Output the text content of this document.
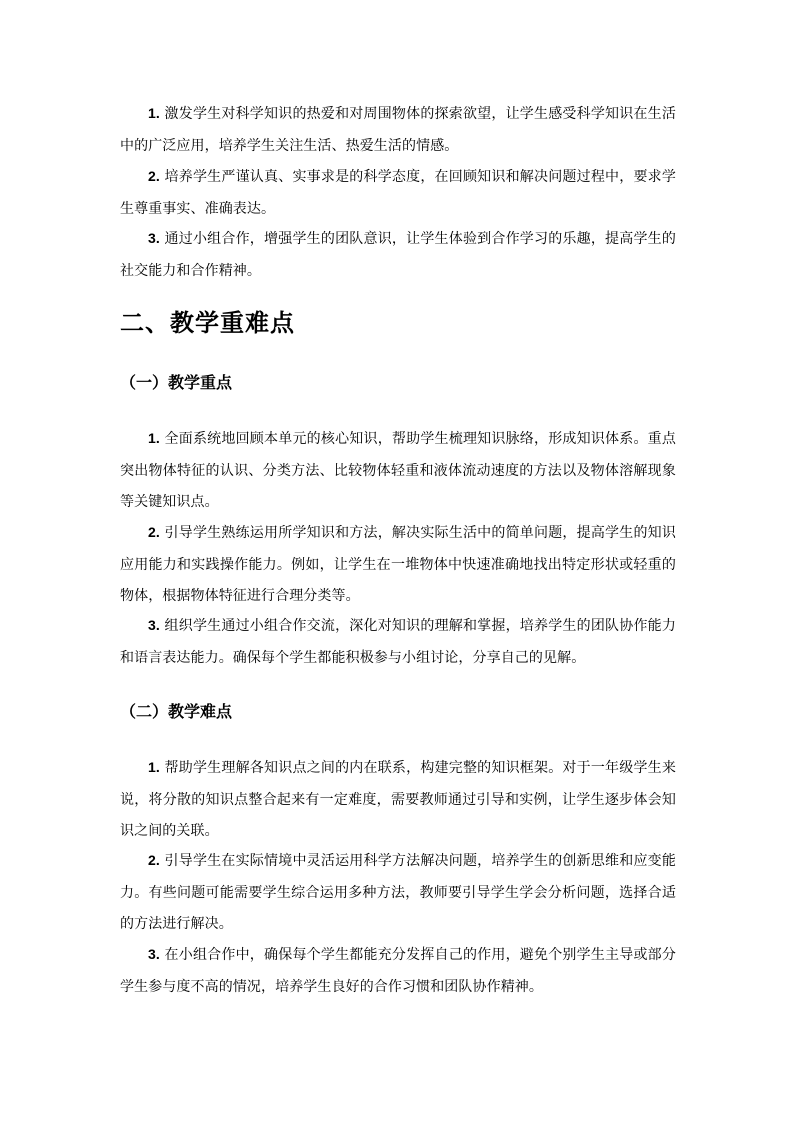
1. 激发学生对科学知识的热爱和对周围物体的探索欲望，让学生感受科学知识在生活中的广泛应用，培养学生关注生活、热爱生活的情感。

2. 培养学生严谨认真、实事求是的科学态度，在回顾知识和解决问题过程中，要求学生尊重事实、准确表达。

3. 通过小组合作，增强学生的团队意识，让学生体验到合作学习的乐趣，提高学生的社交能力和合作精神。

二、教学重难点
（一）教学重点

1. 全面系统地回顾本单元的核心知识，帮助学生梳理知识脉络，形成知识体系。重点突出物体特征的认识、分类方法、比较物体轻重和液体流动速度的方法以及物体溶解现象等关键知识点。

2. 引导学生熟练运用所学知识和方法，解决实际生活中的简单问题，提高学生的知识应用能力和实践操作能力。例如，让学生在一堆物体中快速准确地找出特定形状或轻重的物体，根据物体特征进行合理分类等。

3. 组织学生通过小组合作交流，深化对知识的理解和掌握，培养学生的团队协作能力和语言表达能力。确保每个学生都能积极参与小组讨论，分享自己的见解。

（二）教学难点

1. 帮助学生理解各知识点之间的内在联系，构建完整的知识框架。对于一年级学生来说，将分散的知识点整合起来有一定难度，需要教师通过引导和实例，让学生逐步体会知识之间的关联。

2. 引导学生在实际情境中灵活运用科学方法解决问题，培养学生的创新思维和应变能力。有些问题可能需要学生综合运用多种方法，教师要引导学生学会分析问题，选择合适的方法进行解决。

3. 在小组合作中，确保每个学生都能充分发挥自己的作用，避免个别学生主导或部分学生参与度不高的情况，培养学生良好的合作习惯和团队协作精神。
